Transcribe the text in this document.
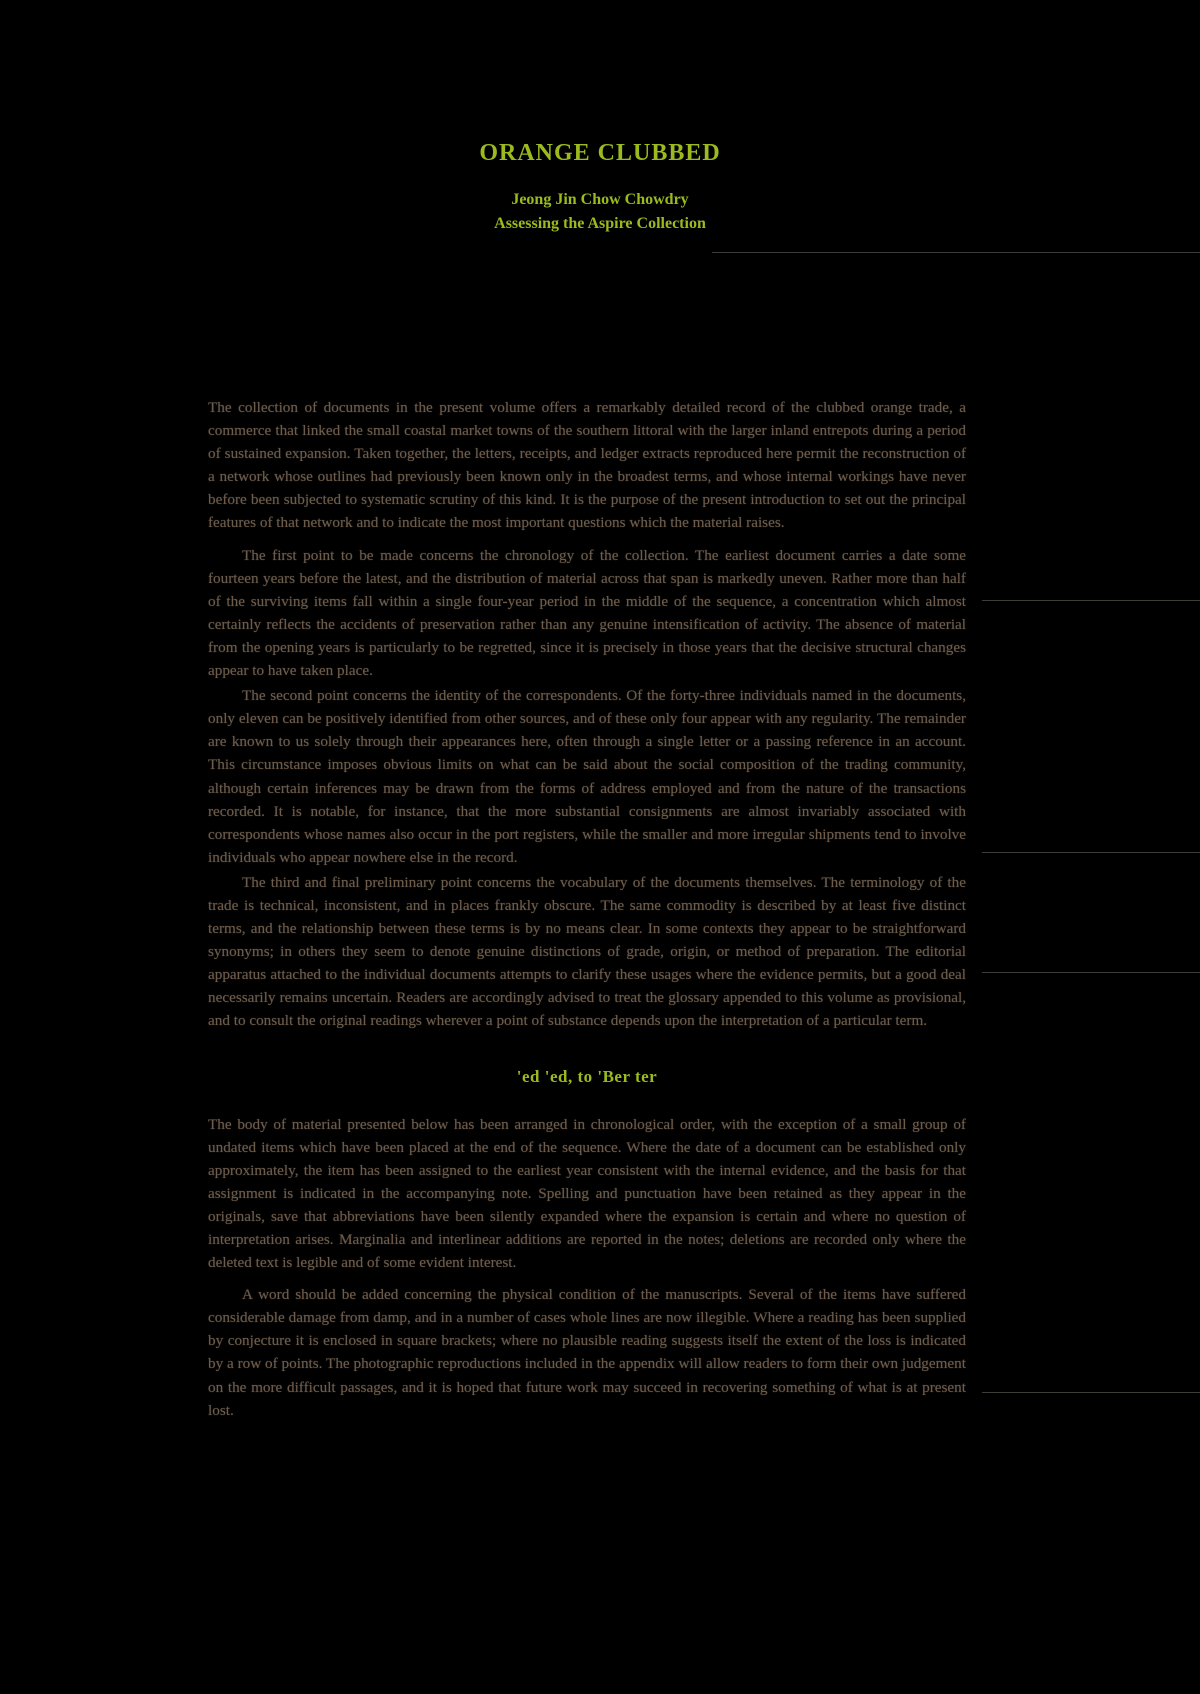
ORANGE CLUBBED
Jeong Jin Chow Chowdry
Assessing the Aspire Collection

The collection of documents in the present volume offers a remarkably detailed record of the clubbed orange trade, a commerce that linked the small coastal market towns of the southern littoral with the larger inland entrepots during a period of sustained expansion. Taken together, the letters, receipts, and ledger extracts reproduced here permit the reconstruction of a network whose outlines had previously been known only in the broadest terms, and whose internal workings have never before been subjected to systematic scrutiny of this kind. It is the purpose of the present introduction to set out the principal features of that network and to indicate the most important questions which the material raises.

The first point to be made concerns the chronology of the collection. The earliest document carries a date some fourteen years before the latest, and the distribution of material across that span is markedly uneven. Rather more than half of the surviving items fall within a single four-year period in the middle of the sequence, a concentration which almost certainly reflects the accidents of preservation rather than any genuine intensification of activity. The absence of material from the opening years is particularly to be regretted, since it is precisely in those years that the decisive structural changes appear to have taken place.

The second point concerns the identity of the correspondents. Of the forty-three individuals named in the documents, only eleven can be positively identified from other sources, and of these only four appear with any regularity. The remainder are known to us solely through their appearances here, often through a single letter or a passing reference in an account. This circumstance imposes obvious limits on what can be said about the social composition of the trading community, although certain inferences may be drawn from the forms of address employed and from the nature of the transactions recorded. It is notable, for instance, that the more substantial consignments are almost invariably associated with correspondents whose names also occur in the port registers, while the smaller and more irregular shipments tend to involve individuals who appear nowhere else in the record.

The third and final preliminary point concerns the vocabulary of the documents themselves. The terminology of the trade is technical, inconsistent, and in places frankly obscure. The same commodity is described by at least five distinct terms, and the relationship between these terms is by no means clear. In some contexts they appear to be straightforward synonyms; in others they seem to denote genuine distinctions of grade, origin, or method of preparation. The editorial apparatus attached to the individual documents attempts to clarify these usages where the evidence permits, but a good deal necessarily remains uncertain. Readers are accordingly advised to treat the glossary appended to this volume as provisional, and to consult the original readings wherever a point of substance depends upon the interpretation of a particular term.

'ed 'ed, to 'Ber ter

The body of material presented below has been arranged in chronological order, with the exception of a small group of undated items which have been placed at the end of the sequence. Where the date of a document can be established only approximately, the item has been assigned to the earliest year consistent with the internal evidence, and the basis for that assignment is indicated in the accompanying note. Spelling and punctuation have been retained as they appear in the originals, save that abbreviations have been silently expanded where the expansion is certain and where no question of interpretation arises. Marginalia and interlinear additions are reported in the notes; deletions are recorded only where the deleted text is legible and of some evident interest.

A word should be added concerning the physical condition of the manuscripts. Several of the items have suffered considerable damage from damp, and in a number of cases whole lines are now illegible. Where a reading has been supplied by conjecture it is enclosed in square brackets; where no plausible reading suggests itself the extent of the loss is indicated by a row of points. The photographic reproductions included in the appendix will allow readers to form their own judgement on the more difficult passages, and it is hoped that future work may succeed in recovering something of what is at present lost.
